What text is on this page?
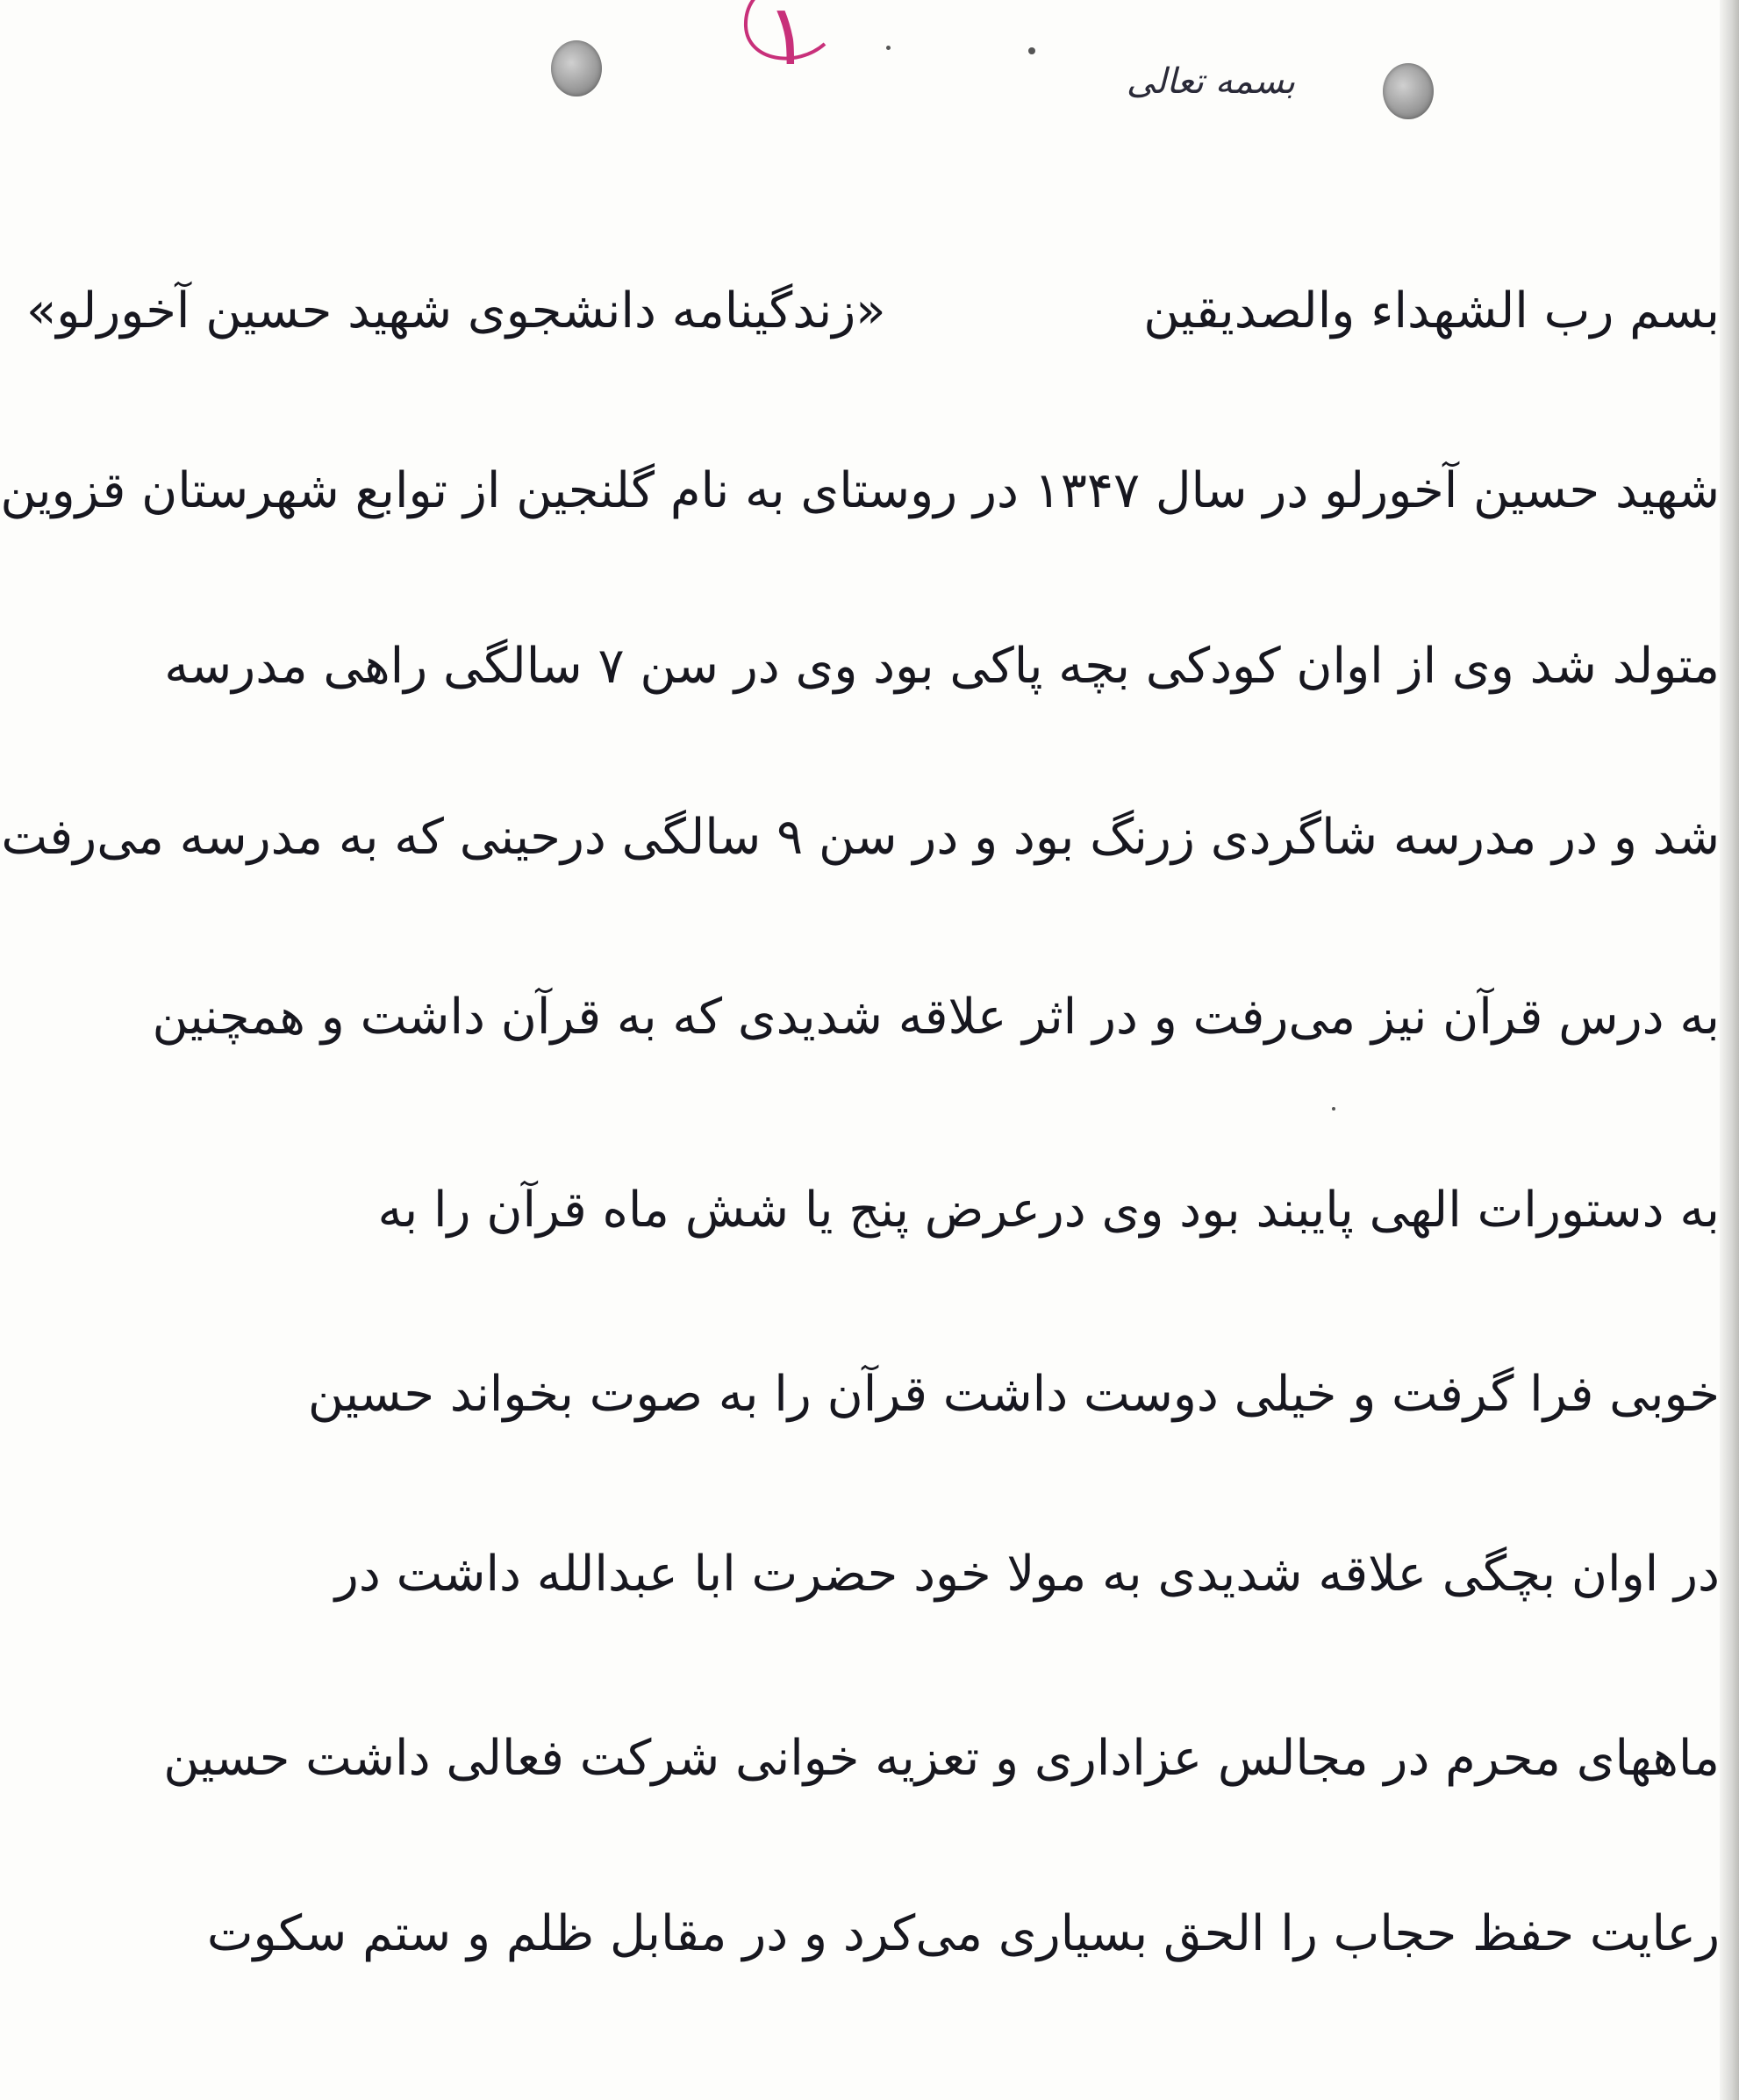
۱	بسمه تعالی
بسم رب الشهداء والصدیقین
«زندگینامه دانشجوی شهید حسین آخورلو»
شهید حسین آخورلو در سال ۱۳۴۷ در روستای به نام گلنجین از توابع شهرستان قزوین
متولد شد وی از اوان کودکی بچه پاکی بود وی در سن ۷ سالگی راهی مدرسه
شد و در مدرسه شاگردی زرنگ بود و در سن ۹ سالگی درحینی که به مدرسه می‌رفت
به درس قرآن نیز می‌رفت و در اثر علاقه شدیدی که به قرآن داشت و همچنین
به دستورات الهی پایبند بود وی درعرض پنج یا شش ماه قرآن را به
خوبی فرا گرفت و خیلی دوست داشت قرآن را به صوت بخواند حسین
در اوان بچگی علاقه شدیدی به مولا خود حضرت ابا عبدالله داشت در
ماههای محرم در مجالس عزاداری و تعزیه خوانی شرکت فعالی داشت حسین
رعایت حفظ حجاب را الحق بسیاری می‌کرد و در مقابل ظلم و ستم سکوت
